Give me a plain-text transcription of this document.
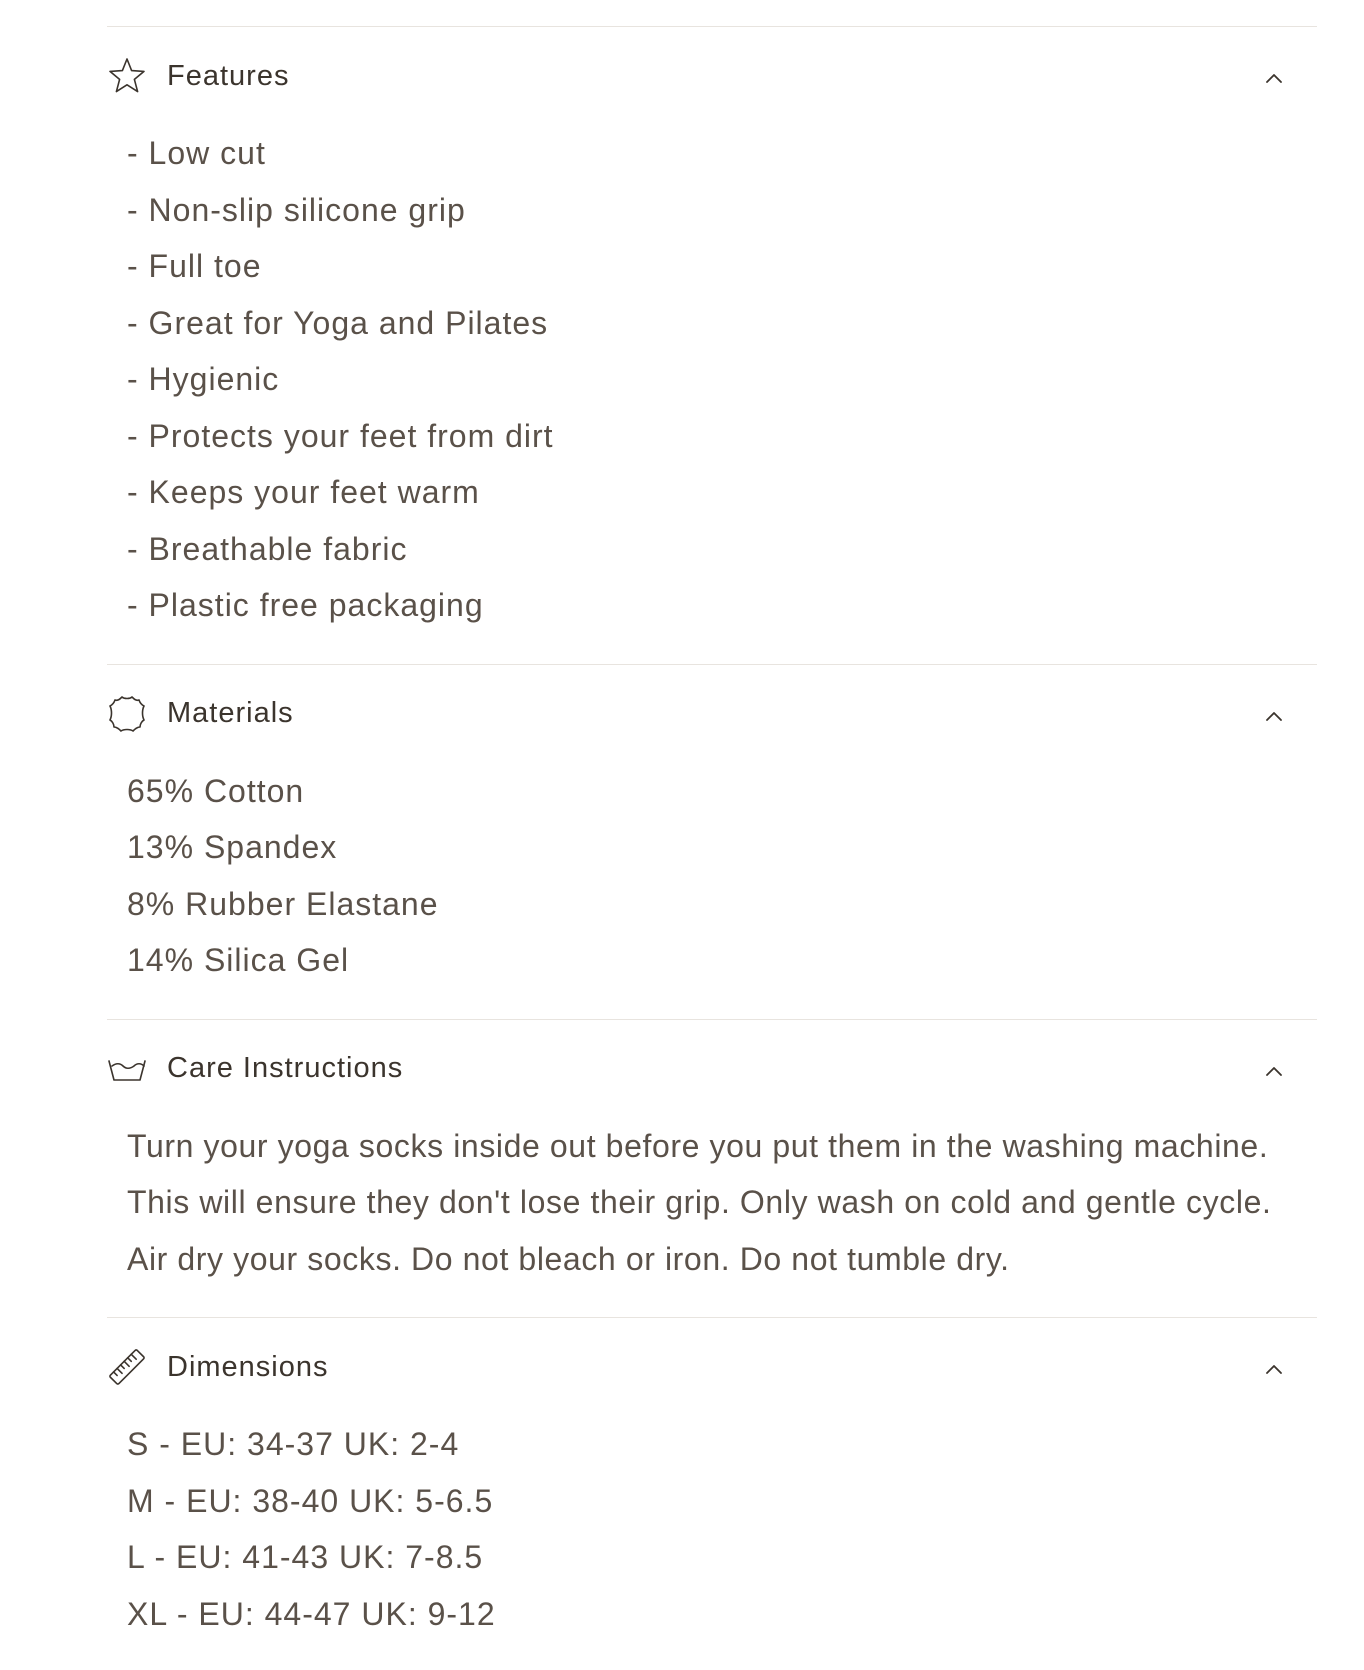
Features
- Low cut
- Non-slip silicone grip
- Full toe
- Great for Yoga and Pilates
- Hygienic
- Protects your feet from dirt
- Keeps your feet warm
- Breathable fabric
- Plastic free packaging
Materials
65% Cotton
13% Spandex
8% Rubber Elastane
14% Silica Gel
Care Instructions

Turn your yoga socks inside out before you put them in the washing machine. This will ensure they don't lose their grip. Only wash on cold and gentle cycle. Air dry your socks. Do not bleach or iron. Do not tumble dry.

Dimensions
S - EU: 34-37 UK: 2-4
M - EU: 38-40 UK: 5-6.5
L - EU: 41-43 UK: 7-8.5
XL - EU: 44-47 UK: 9-12
